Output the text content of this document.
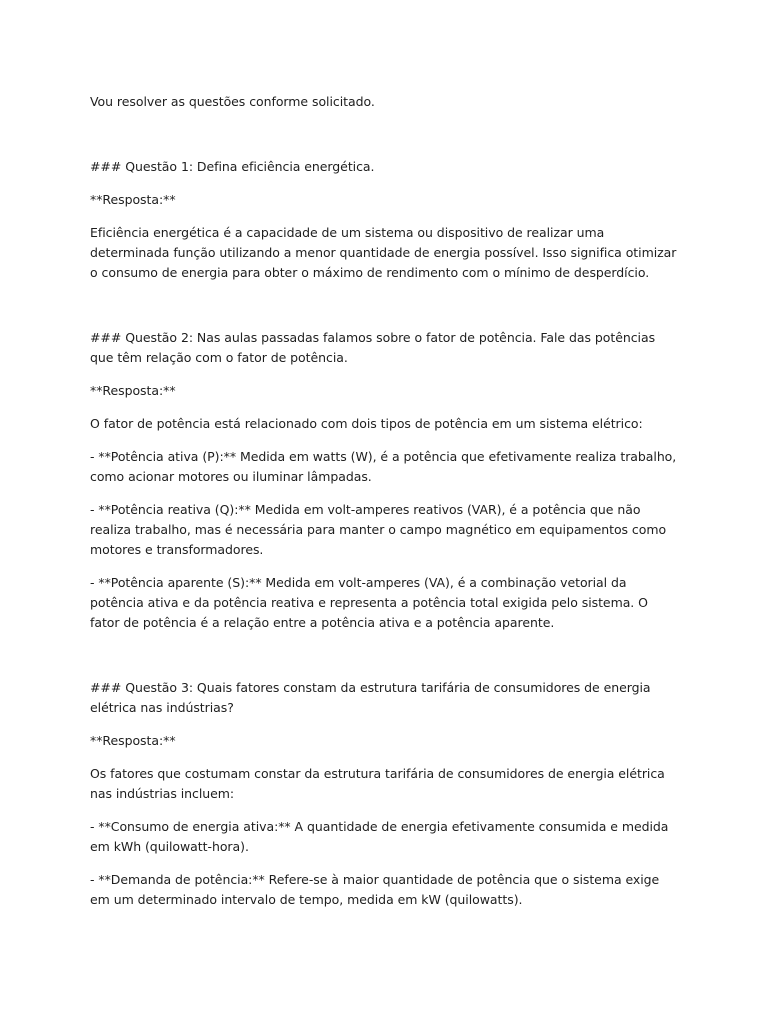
Vou resolver as questões conforme solicitado.

### Questão 1: Defina eficiência energética.

**Resposta:**

Eficiência energética é a capacidade de um sistema ou dispositivo de realizar uma determinada função utilizando a menor quantidade de energia possível. Isso significa otimizar o consumo de energia para obter o máximo de rendimento com o mínimo de desperdício.

### Questão 2: Nas aulas passadas falamos sobre o fator de potência. Fale das potências que têm relação com o fator de potência.

**Resposta:**

O fator de potência está relacionado com dois tipos de potência em um sistema elétrico:

- **Potência ativa (P):** Medida em watts (W), é a potência que efetivamente realiza trabalho, como acionar motores ou iluminar lâmpadas.

- **Potência reativa (Q):** Medida em volt-amperes reativos (VAR), é a potência que não realiza trabalho, mas é necessária para manter o campo magnético em equipamentos como motores e transformadores.

- **Potência aparente (S):** Medida em volt-amperes (VA), é a combinação vetorial da potência ativa e da potência reativa e representa a potência total exigida pelo sistema. O fator de potência é a relação entre a potência ativa e a potência aparente.

### Questão 3: Quais fatores constam da estrutura tarifária de consumidores de energia elétrica nas indústrias?

**Resposta:**

Os fatores que costumam constar da estrutura tarifária de consumidores de energia elétrica nas indústrias incluem:

- **Consumo de energia ativa:** A quantidade de energia efetivamente consumida e medida em kWh (quilowatt-hora).

- **Demanda de potência:** Refere-se à maior quantidade de potência que o sistema exige em um determinado intervalo de tempo, medida em kW (quilowatts).
